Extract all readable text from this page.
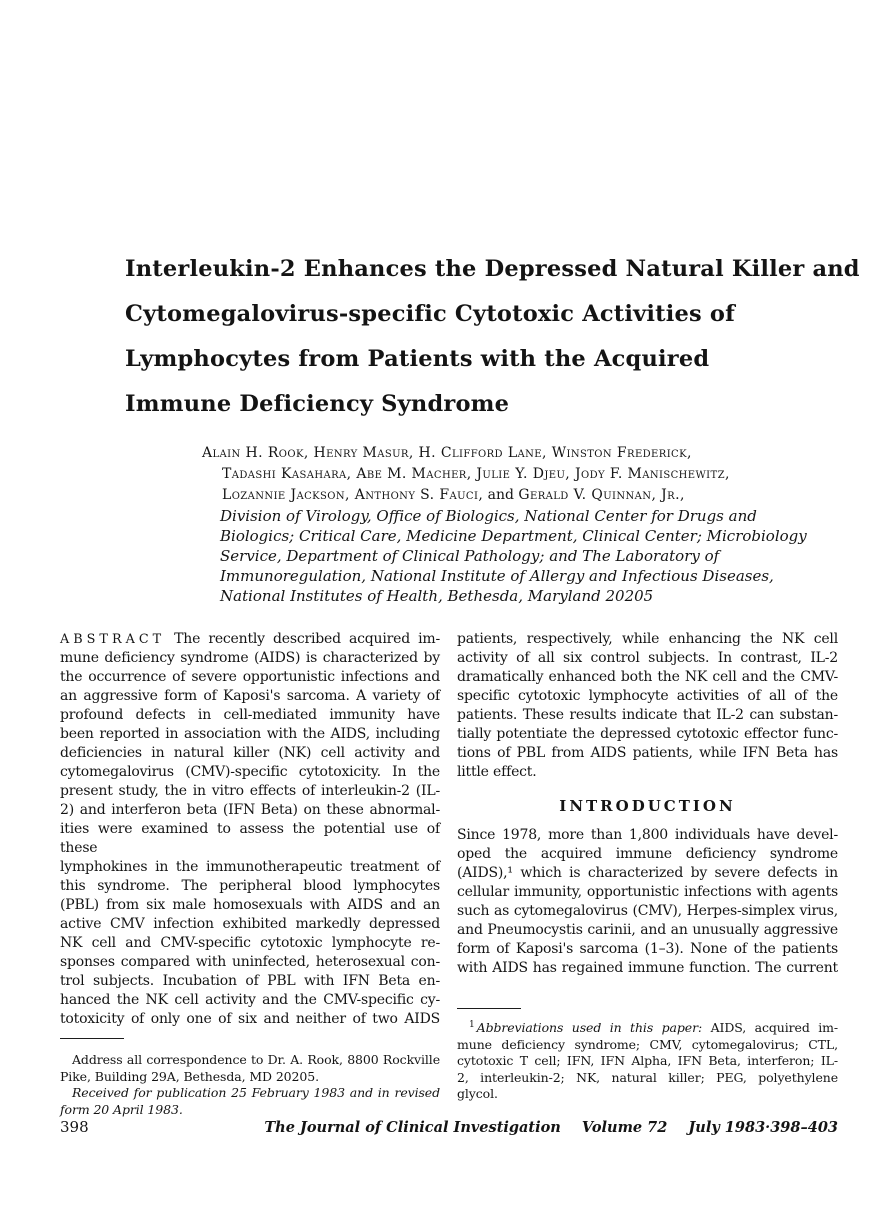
Interleukin-2 Enhances the Depressed Natural Killer and
Cytomegalovirus-specific Cytotoxic Activities of
Lymphocytes from Patients with the Acquired
Immune Deficiency Syndrome
Alain H. Rook, Henry Masur, H. Clifford Lane, Winston Frederick,
Tadashi Kasahara, Abe M. Macher, Julie Y. Djeu, Jody F. Manischewitz,
Lozannie Jackson, Anthony S. Fauci, and Gerald V. Quinnan, Jr.,
Division of Virology, Office of Biologics, National Center for Drugs and
Biologics; Critical Care, Medicine Department, Clinical Center; Microbiology
Service, Department of Clinical Pathology; and The Laboratory of
Immunoregulation, National Institute of Allergy and Infectious Diseases,
National Institutes of Health, Bethesda, Maryland 20205
ABSTRACT The recently described acquired im-
mune deficiency syndrome (AIDS) is characterized by
the occurrence of severe opportunistic infections and
an aggressive form of Kaposi's sarcoma. A variety of
profound defects in cell-mediated immunity have
been reported in association with the AIDS, including
deficiencies in natural killer (NK) cell activity and
cytomegalovirus (CMV)-specific cytotoxicity. In the
present study, the in vitro effects of interleukin-2 (IL-
2) and interferon beta (IFN Beta) on these abnormal-
ities were examined to assess the potential use of these
lymphokines in the immunotherapeutic treatment of
this syndrome. The peripheral blood lymphocytes
(PBL) from six male homosexuals with AIDS and an
active CMV infection exhibited markedly depressed
NK cell and CMV-specific cytotoxic lymphocyte re-
sponses compared with uninfected, heterosexual con-
trol subjects. Incubation of PBL with IFN Beta en-
hanced the NK cell activity and the CMV-specific cy-
totoxicity of only one of six and neither of two AIDS
Address all correspondence to Dr. A. Rook, 8800 Rockville
Pike, Building 29A, Bethesda, MD 20205.
Received for publication 25 February 1983 and in revised
form 20 April 1983.
patients, respectively, while enhancing the NK cell
activity of all six control subjects. In contrast, IL-2
dramatically enhanced both the NK cell and the CMV-
specific cytotoxic lymphocyte activities of all of the
patients. These results indicate that IL-2 can substan-
tially potentiate the depressed cytotoxic effector func-
tions of PBL from AIDS patients, while IFN Beta has
little effect.
INTRODUCTION
Since 1978, more than 1,800 individuals have devel-
oped the acquired immune deficiency syndrome
(AIDS),¹ which is characterized by severe defects in
cellular immunity, opportunistic infections with agents
such as cytomegalovirus (CMV), Herpes-simplex virus,
and Pneumocystis carinii, and an unusually aggressive
form of Kaposi's sarcoma (1–3). None of the patients
with AIDS has regained immune function. The current
$^1$ Abbreviations used in this paper: AIDS, acquired im-
mune deficiency syndrome; CMV, cytomegalovirus; CTL,
cytotoxic T cell; IFN, IFN Alpha, IFN Beta, interferon; IL-
2, interleukin-2; NK, natural killer; PEG, polyethylene
glycol.
398	The Journal of Clinical Investigation Volume 72 July 1983·398–403
